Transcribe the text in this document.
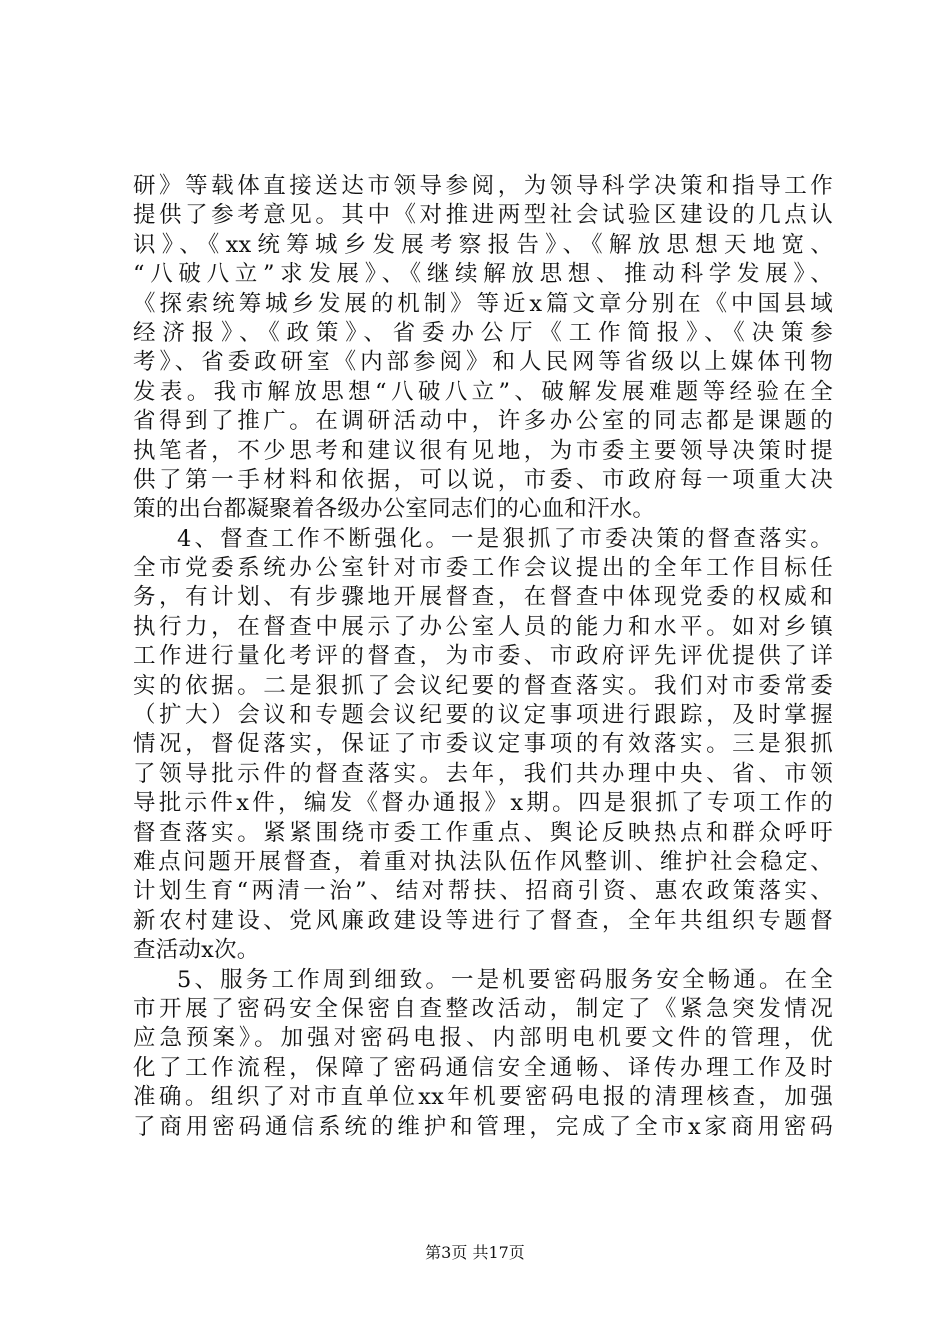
研》等载体直接送达市领导参阅，为领导科学决策和指导工作
提供了参考意见。其中《对推进两型社会试验区建设的几点认
识》、《xx统筹城乡发展考察报告》、《解放思想天地宽、
“八破八立”求发展》、《继续解放思想、推动科学发展》、
《探索统筹城乡发展的机制》等近x篇文章分别在《中国县域
经济报》、《政策》、省委办公厅《工作简报》、《决策参
考》、省委政研室《内部参阅》和人民网等省级以上媒体刊物
发表。我市解放思想“八破八立”、破解发展难题等经验在全
省得到了推广。在调研活动中，许多办公室的同志都是课题的
执笔者，不少思考和建议很有见地，为市委主要领导决策时提
供了第一手材料和依据，可以说，市委、市政府每一项重大决
策的出台都凝聚着各级办公室同志们的心血和汗水。
4、督查工作不断强化。一是狠抓了市委决策的督查落实。
全市党委系统办公室针对市委工作会议提出的全年工作目标任
务，有计划、有步骤地开展督查，在督查中体现党委的权威和
执行力，在督查中展示了办公室人员的能力和水平。如对乡镇
工作进行量化考评的督查，为市委、市政府评先评优提供了详
实的依据。二是狠抓了会议纪要的督查落实。我们对市委常委
（扩大）会议和专题会议纪要的议定事项进行跟踪，及时掌握
情况，督促落实，保证了市委议定事项的有效落实。三是狠抓
了领导批示件的督查落实。去年，我们共办理中央、省、市领
导批示件x件，编发《督办通报》x期。四是狠抓了专项工作的
督查落实。紧紧围绕市委工作重点、舆论反映热点和群众呼吁
难点问题开展督查，着重对执法队伍作风整训、维护社会稳定、
计划生育“两清一治”、结对帮扶、招商引资、惠农政策落实、
新农村建设、党风廉政建设等进行了督查，全年共组织专题督
查活动x次。
5、服务工作周到细致。一是机要密码服务安全畅通。在全
市开展了密码安全保密自查整改活动，制定了《紧急突发情况
应急预案》。加强对密码电报、内部明电机要文件的管理，优
化了工作流程，保障了密码通信安全通畅、译传办理工作及时
准确。组织了对市直单位xx年机要密码电报的清理核查，加强
了商用密码通信系统的维护和管理，完成了全市x家商用密码
第3页 共17页
